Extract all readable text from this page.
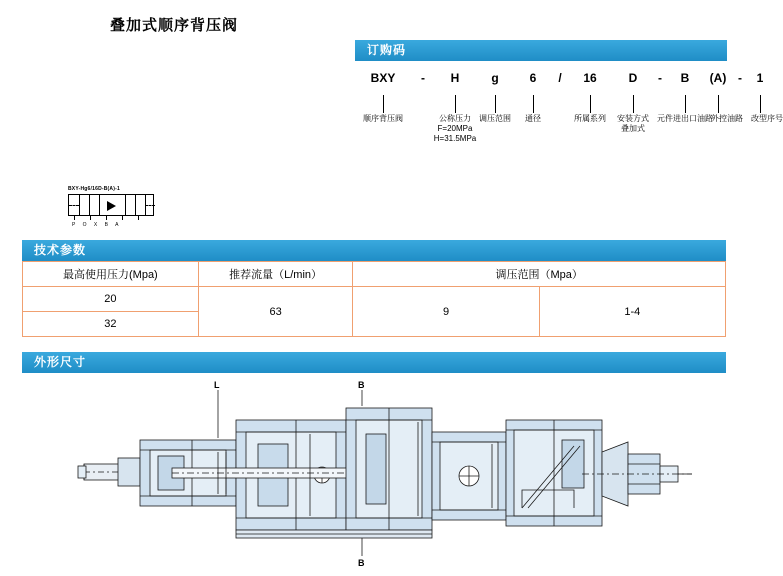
叠加式顺序背压阀
订购码
BXY - H	g	6 / 16	D - B (A) - 1
顺序背压阀	公称压力
F=20MPa
H=31.5MPa
调压范围 通径	所属系列 安装方式
叠加式
元件进出口油路
外控油路 改型序号
BXY-Hg6/16D-B(A)-1
P O X B A
技术参数
最高使用压力(Mpa)	推荐流量（L/min）	调压范围（Mpa）	
20	63	9	1-4
32			
外形尺寸
L	B
B
